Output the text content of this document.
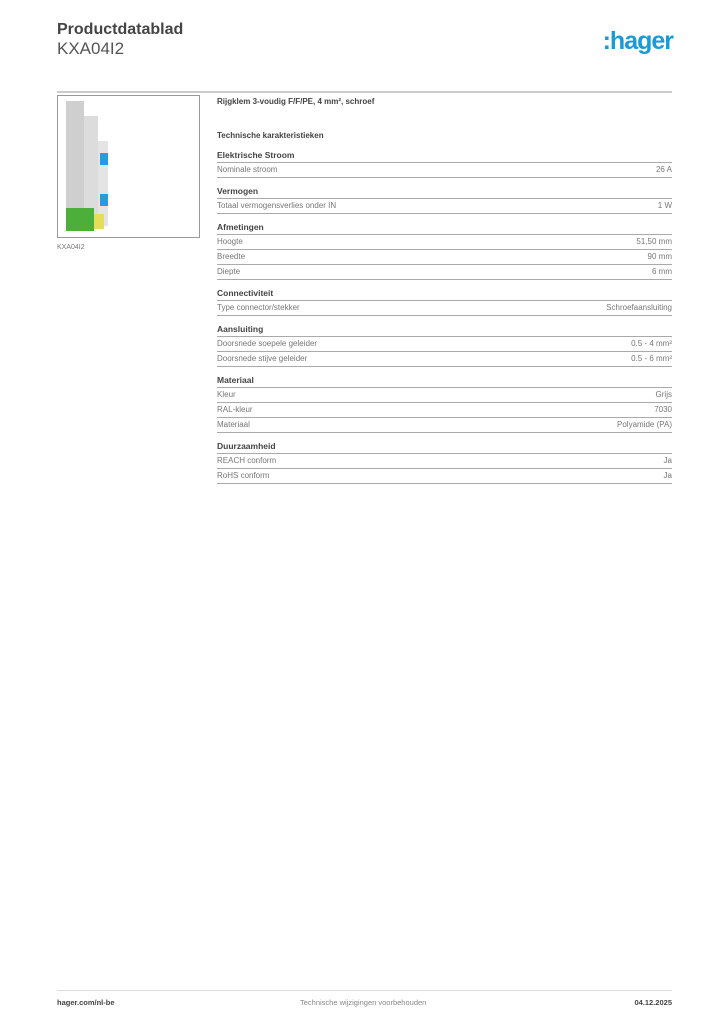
Productdatablad
KXA04I2	:hager
KXA04I2
Rijgklem 3-voudig F/F/PE, 4 mm², schroef
Technische karakteristieken
Elektrische Stroom
Nominale stroom	26 A
Vermogen
Totaal vermogensverlies onder IN	1 W
Afmetingen
Hoogte	51,50 mm
Breedte	90 mm
Diepte	6 mm
Connectiviteit
Type connector/stekker	Schroefaansluiting
Aansluiting
Doorsnede soepele geleider	0.5 - 4 mm²
Doorsnede stijve geleider	0.5 - 6 mm²
Materiaal
Kleur	Grijs
RAL-kleur	7030
Materiaal	Polyamide (PA)
Duurzaamheid
REACH conform	Ja
RoHS conform	Ja
hager.com/nl-be	Technische wijzigingen voorbehouden	04.12.2025
